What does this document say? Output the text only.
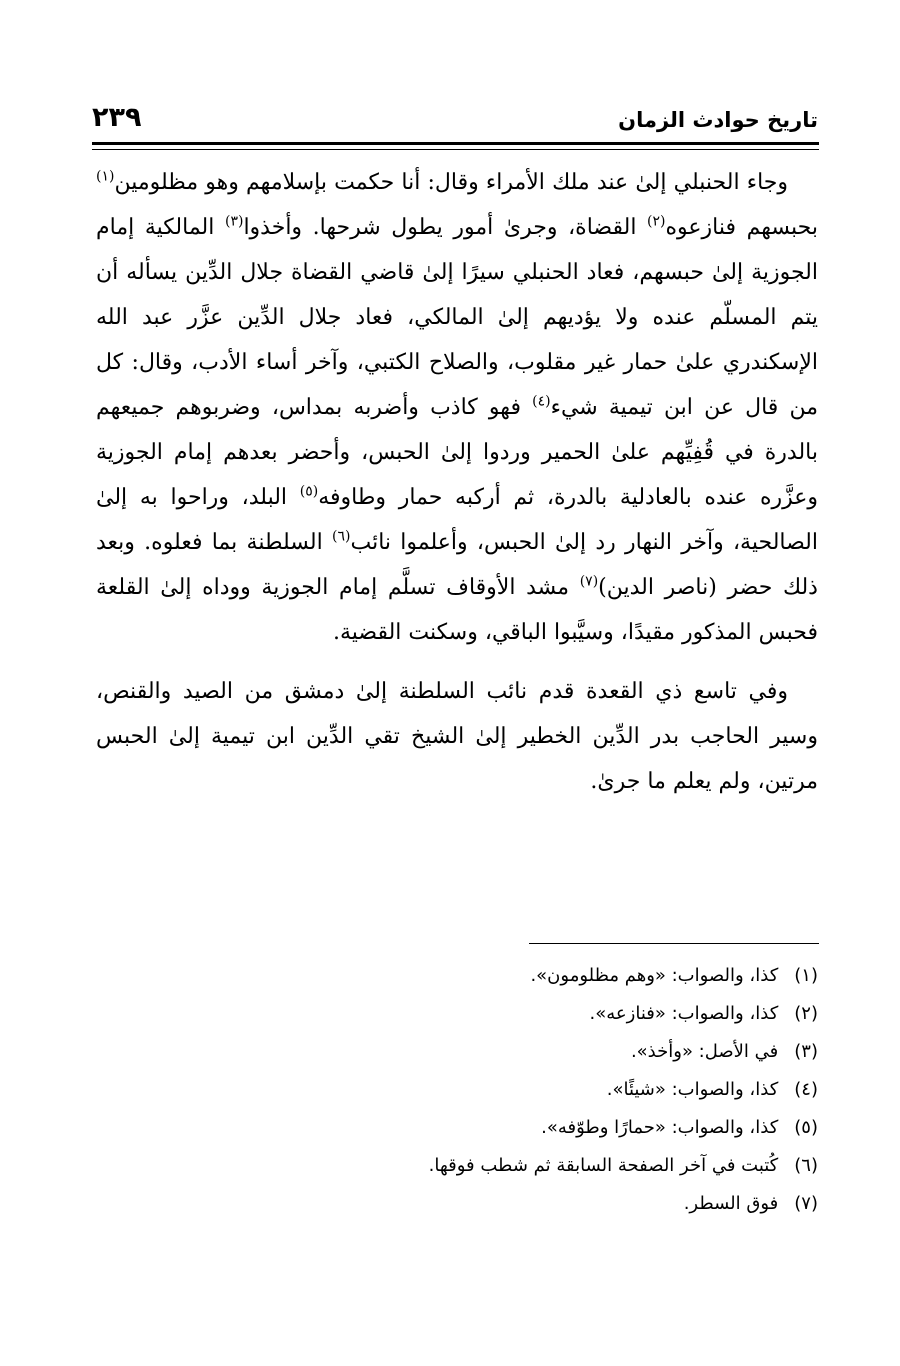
تاريخ حوادث الزمان
٢٣٩

وجاء الحنبلي إلىٰ عند ملك الأمراء وقال: أنا حكمت بإسلامهم وهو مظلومين$^{(١)}$ بحبسهم فنازعوه$^{(٢)}$ القضاة، وجرىٰ أمور يطول شرحها. وأخذوا$^{(٣)}$ المالكية إمام الجوزية إلىٰ حبسهم، فعاد الحنبلي سيرًا إلىٰ قاضي القضاة جلال الدِّين يسأله أن يتم المسلّم عنده ولا يؤديهم إلىٰ المالكي، فعاد جلال الدِّين عزَّر عبد الله الإسكندري علىٰ حمار غير مقلوب، والصلاح الكتبي، وآخر أساء الأدب، وقال: كل من قال عن ابن تيمية شيء$^{(٤)}$ فهو كاذب وأضربه بمداس، وضربوهم جميعهم بالدرة في قُفِيِّهم علىٰ الحمير وردوا إلىٰ الحبس، وأحضر بعدهم إمام الجوزية وعزَّره عنده بالعادلية بالدرة، ثم أركبه حمار وطاوفه$^{(٥)}$ البلد، وراحوا به إلىٰ الصالحية، وآخر النهار رد إلىٰ الحبس، وأعلموا نائب$^{(٦)}$ السلطنة بما فعلوه. وبعد ذلك حضر (ناصر الدين)$^{(٧)}$ مشد الأوقاف تسلَّم إمام الجوزية ووداه إلىٰ القلعة فحبس المذكور مقيدًا، وسيَّبوا الباقي، وسكنت القضية.

وفي تاسع ذي القعدة قدم نائب السلطنة إلىٰ دمشق من الصيد والقنص، وسير الحاجب بدر الدِّين الخطير إلىٰ الشيخ تقي الدِّين ابن تيمية إلىٰ الحبس مرتين، ولم يعلم ما جرىٰ.

(١) كذا، والصواب: «وهم مظلومون».
(٢) كذا، والصواب: «فنازعه».
(٣) في الأصل: «وأخذ».
(٤) كذا، والصواب: «شيئًا».
(٥) كذا، والصواب: «حمارًا وطوّفه».
(٦) كُتبت في آخر الصفحة السابقة ثم شطب فوقها.
(٧) فوق السطر.
